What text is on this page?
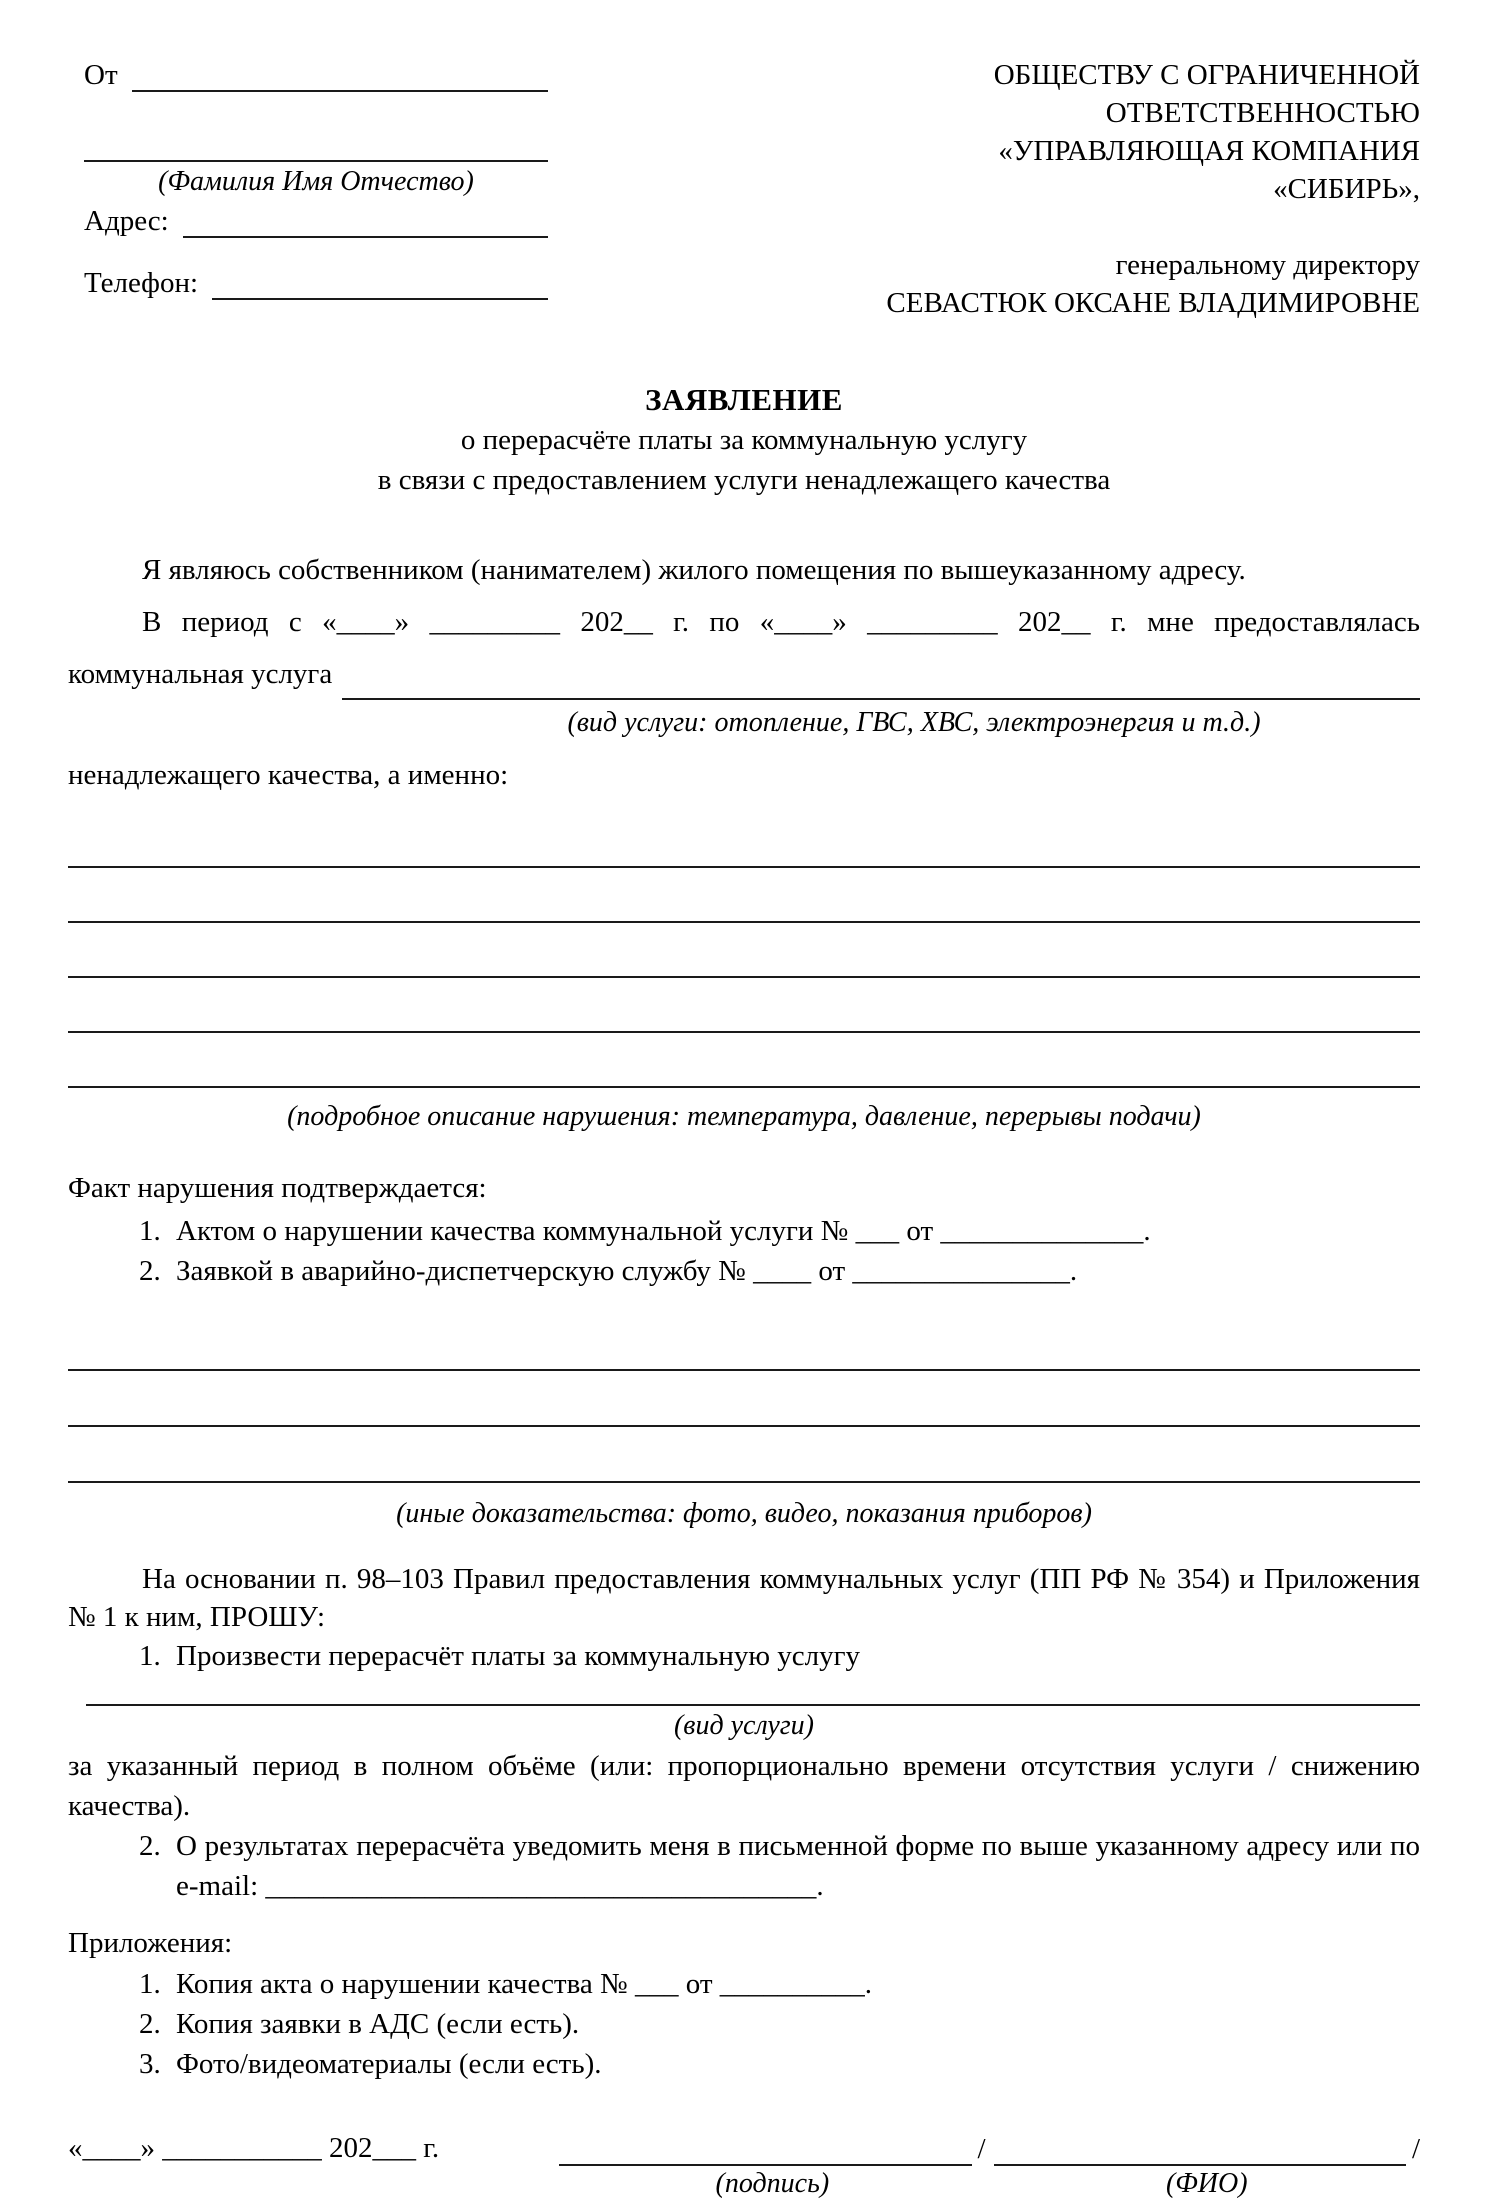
От
(Фамилия Имя Отчество)
Адрес:
Телефон:
ОБЩЕСТВУ С ОГРАНИЧЕННОЙ
ОТВЕТСТВЕННОСТЬЮ
«УПРАВЛЯЮЩАЯ КОМПАНИЯ
«СИБИРЬ»,
генеральному директору
СЕВАСТЮК ОКСАНЕ ВЛАДИМИРОВНЕ
ЗАЯВЛЕНИЕ
о перерасчёте платы за коммунальную услугу
в связи с предоставлением услуги ненадлежащего качества
Я являюсь собственником (нанимателем) жилого помещения по вышеуказанному адресу.
В период с «____» _________ 202__ г. по «____» _________ 202__ г. мне предоставлялась
коммунальная услуга
(вид услуги: отопление, ГВС, ХВС, электроэнергия и т.д.)
ненадлежащего качества, а именно:
(подробное описание нарушения: температура, давление, перерывы подачи)
Факт нарушения подтверждается:
1. Актом о нарушении качества коммунальной услуги № ___ от ______________.
2. Заявкой в аварийно-диспетчерскую службу № ____ от _______________.
(иные доказательства: фото, видео, показания приборов)
На основании п. 98–103 Правил предоставления коммунальных услуг (ПП РФ № 354) и Приложения № 1 к ним, ПРОШУ:
1. Произвести перерасчёт платы за коммунальную услугу
(вид услуги)

за указанный период в полном объёме (или: пропорционально времени отсутствия услуги / снижению качества).

2. О результатах перерасчёта уведомить меня в письменной форме по выше указанному адресу или по e-mail: ______________________________________.
Приложения:
1. Копия акта о нарушении качества № ___ от __________.
2. Копия заявки в АДС (если есть).
3. Фото/видеоматериалы (если есть).
«____» ___________ 202___ г.	/
(подпись)
/
(ФИО)
